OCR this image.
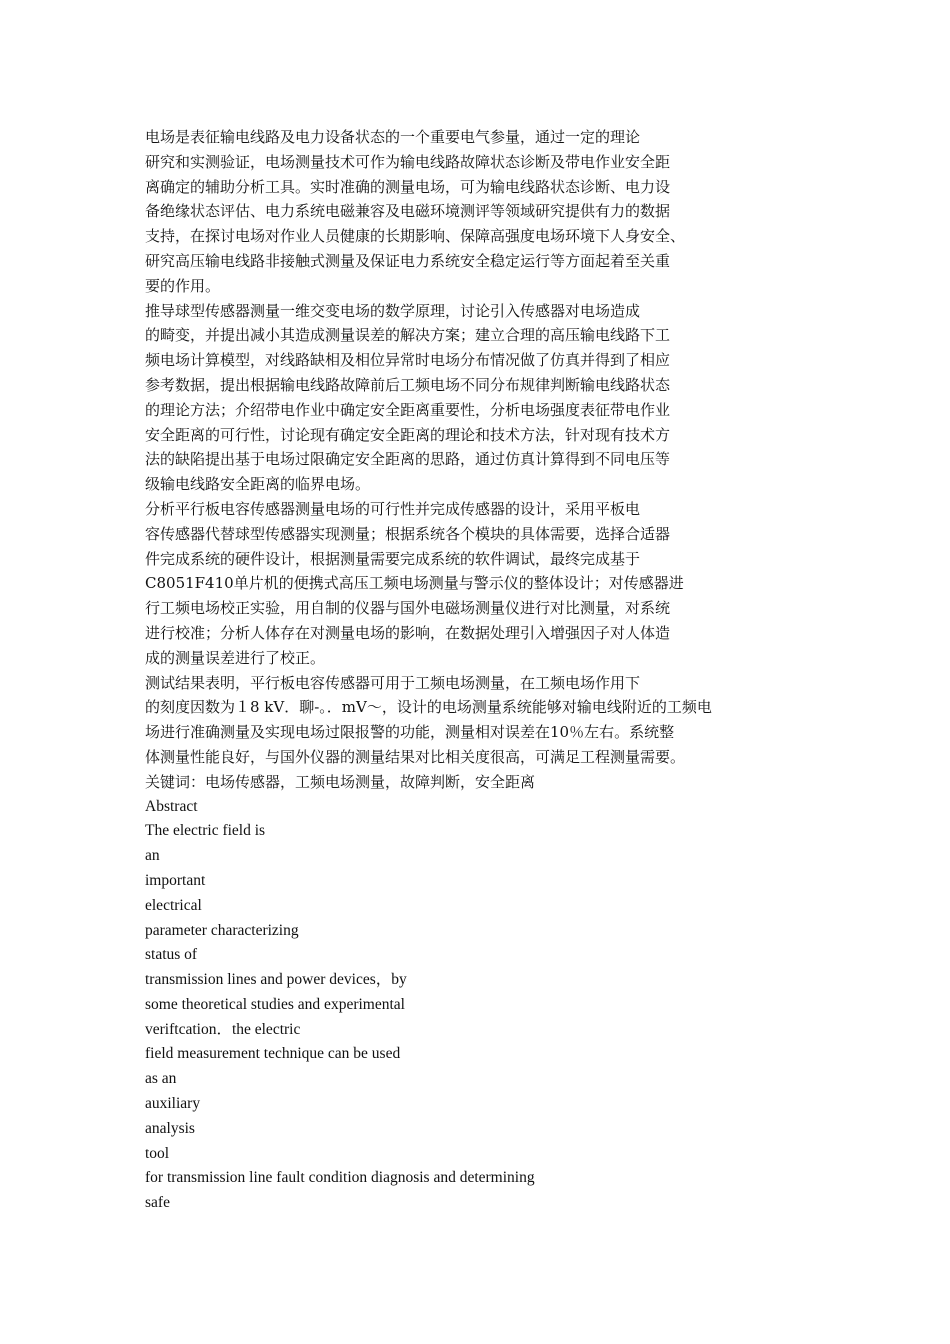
电场是表征输电线路及电力设备状态的一个重要电气参量，通过一定的理论
研究和实测验证，电场测量技术可作为输电线路故障状态诊断及带电作业安全距
离确定的辅助分析工具。实时准确的测量电场，可为输电线路状态诊断、电力设
备绝缘状态评估、电力系统电磁兼容及电磁环境测评等领域研究提供有力的数据
支持，在探讨电场对作业人员健康的长期影响、保障高强度电场环境下人身安全、
研究高压输电线路非接触式测量及保证电力系统安全稳定运行等方面起着至关重
要的作用。
推导球型传感器测量一维交变电场的数学原理，讨论引入传感器对电场造成
的畸变，并提出减小其造成测量误差的解决方案；建立合理的高压输电线路下工
频电场计算模型，对线路缺相及相位异常时电场分布情况做了仿真并得到了相应
参考数据，提出根据输电线路故障前后工频电场不同分布规律判断输电线路状态
的理论方法；介绍带电作业中确定安全距离重要性，分析电场强度表征带电作业
安全距离的可行性，讨论现有确定安全距离的理论和技术方法，针对现有技术方
法的缺陷提出基于电场过限确定安全距离的思路，通过仿真计算得到不同电压等
级输电线路安全距离的临界电场。
分析平行板电容传感器测量电场的可行性并完成传感器的设计，采用平板电
容传感器代替球型传感器实现测量；根据系统各个模块的具体需要，选择合适器
件完成系统的硬件设计，根据测量需要完成系统的软件调试，最终完成基于
C8051F410单片机的便携式高压工频电场测量与警示仪的整体设计；对传感器进
行工频电场校正实验，用自制的仪器与国外电磁场测量仪进行对比测量，对系统
进行校准；分析人体存在对测量电场的影响，在数据处理引入增强因子对人体造
成的测量误差进行了校正。
测试结果表明，平行板电容传感器可用于工频电场测量，在工频电场作用下
的刻度因数为１8 kV．聊-。．mV～，设计的电场测量系统能够对输电线附近的工频电
场进行准确测量及实现电场过限报警的功能，测量相对误差在10％左右。系统整
体测量性能良好，与国外仪器的测量结果对比相关度很高，可满足工程测量需要。
关键词：电场传感器，工频电场测量，故障判断，安全距离
Abstract
The electric field is
an
important
electrical
parameter characterizing
status of
transmission lines and power devices，by
some theoretical studies and experimental
veriftcation．the electric
field measurement technique can be used
as an
auxiliary
analysis
tool
for transmission line fault condition diagnosis and determining
safe
